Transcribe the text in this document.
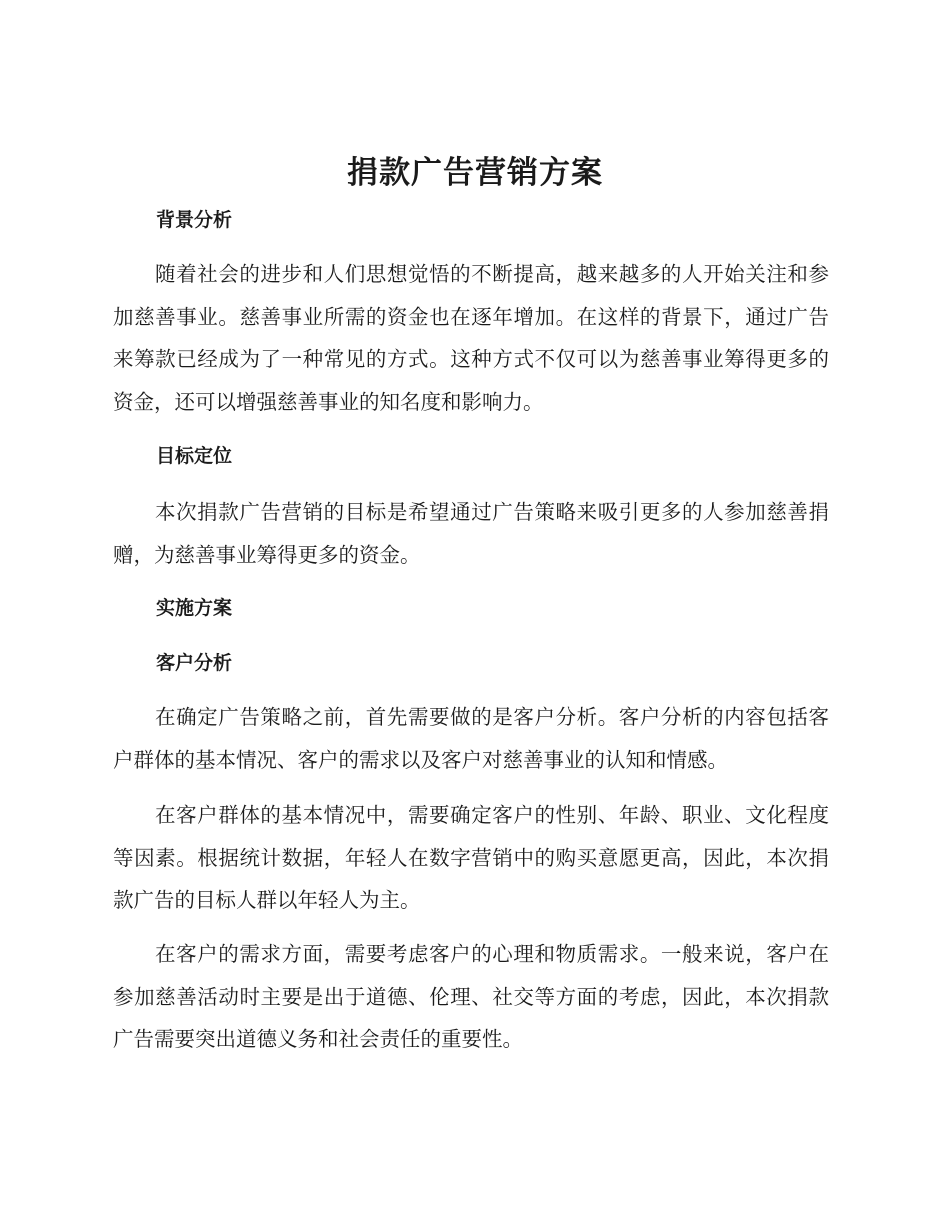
捐款广告营销方案
背景分析

随着社会的进步和人们思想觉悟的不断提高，越来越多的人开始关注和参加慈善事业。慈善事业所需的资金也在逐年增加。在这样的背景下，通过广告来筹款已经成为了一种常见的方式。这种方式不仅可以为慈善事业筹得更多的资金，还可以增强慈善事业的知名度和影响力。

目标定位

本次捐款广告营销的目标是希望通过广告策略来吸引更多的人参加慈善捐赠，为慈善事业筹得更多的资金。

实施方案
客户分析

在确定广告策略之前，首先需要做的是客户分析。客户分析的内容包括客户群体的基本情况、客户的需求以及客户对慈善事业的认知和情感。

在客户群体的基本情况中，需要确定客户的性别、年龄、职业、文化程度等因素。根据统计数据，年轻人在数字营销中的购买意愿更高，因此，本次捐款广告的目标人群以年轻人为主。

在客户的需求方面，需要考虑客户的心理和物质需求。一般来说，客户在参加慈善活动时主要是出于道德、伦理、社交等方面的考虑，因此，本次捐款广告需要突出道德义务和社会责任的重要性。
